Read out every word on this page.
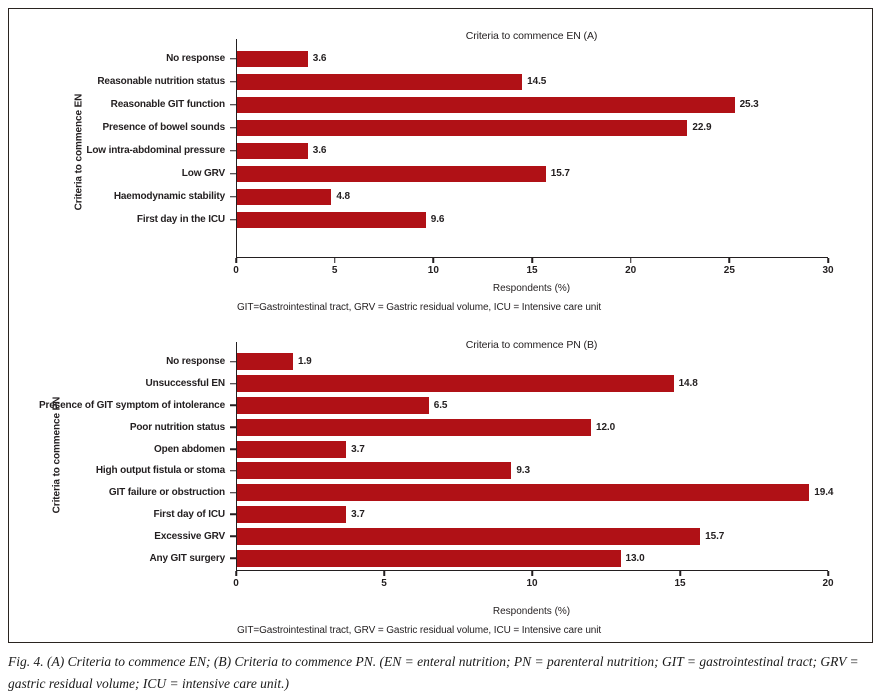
Criteria to commence EN (A)
Criteria to commence EN
No response	3.6
Reasonable nutrition status	14.5
Reasonable GIT function	25.3
Presence of bowel sounds	22.9
Low intra-abdominal pressure	3.6
Low GRV	15.7
Haemodynamic stability	4.8
First day in the ICU	9.6
0	5	10	15	20	25	30
Respondents (%)
GIT=Gastrointestinal tract, GRV = Gastric residual volume, ICU = Intensive care unit
Criteria to commence PN (B)
Criteria to commence PN
No response	1.9
Unsuccessful EN	14.8
Presence of GIT symptom of intolerance	6.5
Poor nutrition status	12.0
Open abdomen	3.7
High output fistula or stoma	9.3
GIT failure or obstruction	19.4
First day of ICU	3.7
Excessive GRV	15.7
Any GIT surgery	13.0
0	5	10	15	20
Respondents (%)
GIT=Gastrointestinal tract, GRV = Gastric residual volume, ICU = Intensive care unit
Fig. 4. (A) Criteria to commence EN; (B) Criteria to commence PN. (EN = enteral nutrition; PN = parenteral nutrition; GIT = gastrointestinal tract; GRV = gastric residual volume; ICU = intensive care unit.)
